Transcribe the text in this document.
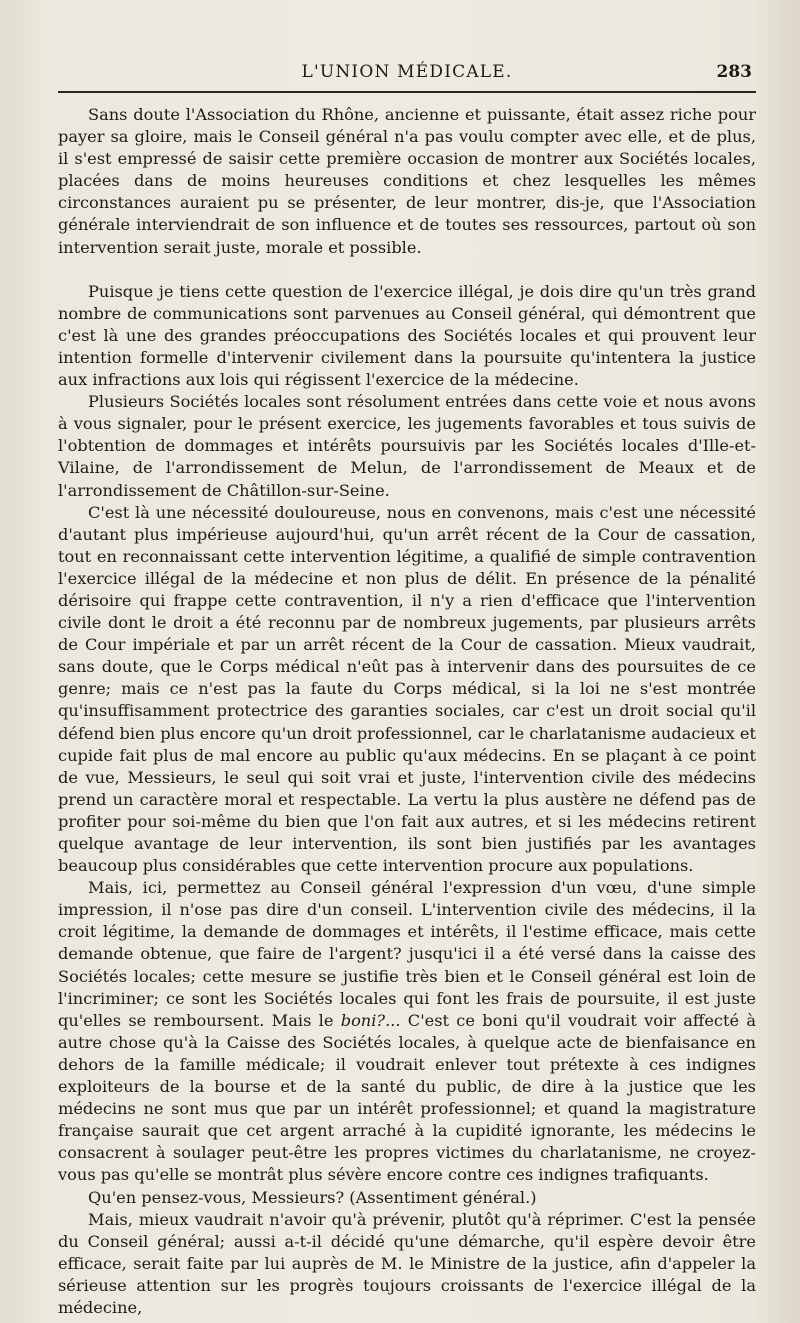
L'UNION MÉDICALE.	283

Sans doute l'Association du Rhône, ancienne et puissante, était assez riche pour payer sa gloire, mais le Conseil général n'a pas voulu compter avec elle, et de plus, il s'est empressé de saisir cette première occasion de montrer aux Sociétés locales, placées dans de moins heureuses conditions et chez lesquelles les mêmes circonstances auraient pu se présenter, de leur montrer, dis-je, que l'Association générale interviendrait de son influence et de toutes ses ressources, partout où son intervention serait juste, morale et possible.

Puisque je tiens cette question de l'exercice illégal, je dois dire qu'un très grand nombre de communications sont parvenues au Conseil général, qui démontrent que c'est là une des grandes préoccupations des Sociétés locales et qui prouvent leur intention formelle d'intervenir civilement dans la poursuite qu'intentera la justice aux infractions aux lois qui régissent l'exercice de la médecine.

Plusieurs Sociétés locales sont résolument entrées dans cette voie et nous avons à vous signaler, pour le présent exercice, les jugements favorables et tous suivis de l'obtention de dommages et intérêts poursuivis par les Sociétés locales d'Ille-et-Vilaine, de l'arrondissement de Melun, de l'arrondissement de Meaux et de l'arrondissement de Châtillon-sur-Seine.

C'est là une nécessité douloureuse, nous en convenons, mais c'est une nécessité d'autant plus impérieuse aujourd'hui, qu'un arrêt récent de la Cour de cassation, tout en reconnaissant cette intervention légitime, a qualifié de simple contravention l'exercice illégal de la médecine et non plus de délit. En présence de la pénalité dérisoire qui frappe cette contravention, il n'y a rien d'efficace que l'intervention civile dont le droit a été reconnu par de nombreux jugements, par plusieurs arrêts de Cour impériale et par un arrêt récent de la Cour de cassation. Mieux vaudrait, sans doute, que le Corps médical n'eût pas à intervenir dans des poursuites de ce genre; mais ce n'est pas la faute du Corps médical, si la loi ne s'est montrée qu'insuffisamment protectrice des garanties sociales, car c'est un droit social qu'il défend bien plus encore qu'un droit professionnel, car le charlatanisme audacieux et cupide fait plus de mal encore au public qu'aux médecins. En se plaçant à ce point de vue, Messieurs, le seul qui soit vrai et juste, l'intervention civile des médecins prend un caractère moral et respectable. La vertu la plus austère ne défend pas de profiter pour soi-même du bien que l'on fait aux autres, et si les médecins retirent quelque avantage de leur intervention, ils sont bien justifiés par les avantages beaucoup plus considérables que cette intervention procure aux populations.

Mais, ici, permettez au Conseil général l'expression d'un vœu, d'une simple impression, il n'ose pas dire d'un conseil. L'intervention civile des médecins, il la croit légitime, la demande de dommages et intérêts, il l'estime efficace, mais cette demande obtenue, que faire de l'argent? jusqu'ici il a été versé dans la caisse des Sociétés locales; cette mesure se justifie très bien et le Conseil général est loin de l'incriminer; ce sont les Sociétés locales qui font les frais de poursuite, il est juste qu'elles se remboursent. Mais le boni?... C'est ce boni qu'il voudrait voir affecté à autre chose qu'à la Caisse des Sociétés locales, à quelque acte de bienfaisance en dehors de la famille médicale; il voudrait enlever tout prétexte à ces indignes exploiteurs de la bourse et de la santé du public, de dire à la justice que les médecins ne sont mus que par un intérêt professionnel; et quand la magistrature française saurait que cet argent arraché à la cupidité ignorante, les médecins le consacrent à soulager peut-être les propres victimes du charlatanisme, ne croyez-vous pas qu'elle se montrât plus sévère encore contre ces indignes trafiquants.

Qu'en pensez-vous, Messieurs? (Assentiment général.)

Mais, mieux vaudrait n'avoir qu'à prévenir, plutôt qu'à réprimer. C'est la pensée du Conseil général; aussi a-t-il décidé qu'une démarche, qu'il espère devoir être efficace, serait faite par lui auprès de M. le Ministre de la justice, afin d'appeler la sérieuse attention sur les progrès toujours croissants de l'exercice illégal de la médecine,
